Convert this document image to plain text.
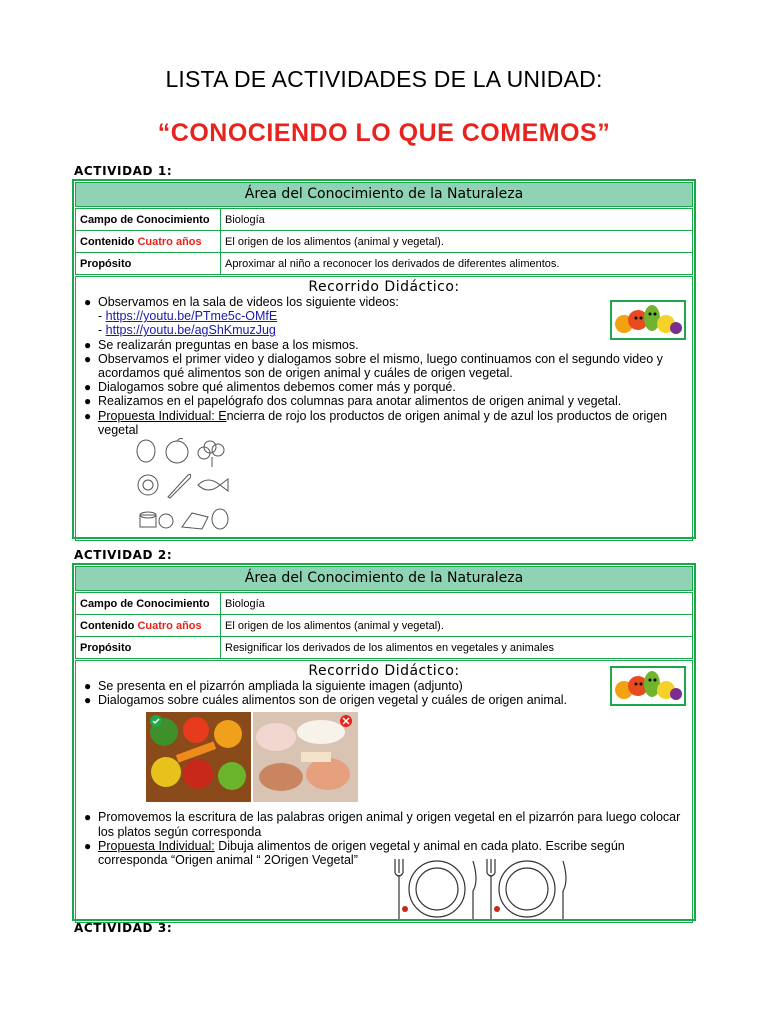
LISTA DE ACTIVIDADES DE LA UNIDAD:
“CONOCIENDO LO QUE COMEMOS”
ACTIVIDAD 1:
Área del Conocimiento de la Naturaleza
Campo de Conocimiento	Biología
Contenido Cuatro años	El origen de los alimentos (animal y vegetal).
Propósito	Aproximar al niño a reconocer los derivados de diferentes alimentos.
Recorrido Didáctico:
● Observamos en la sala de videos los siguiente videos:
- https://youtu.be/PTme5c-OMfE
- https://youtu.be/agShKmuzJug
● Se realizarán preguntas en base a los mismos.
● Observamos el primer video y dialogamos sobre el mismo, luego continuamos con el segundo video y acordamos qué alimentos son de origen animal y cuáles de origen vegetal.
● Dialogamos sobre qué alimentos debemos comer más y porqué.
● Realizamos en el papelógrafo dos columnas para anotar alimentos de origen animal y vegetal.
● Propuesta Individual: Encierra de rojo los productos de origen animal y de azul los productos de origen vegetal
ACTIVIDAD 2:
Área del Conocimiento de la Naturaleza
Campo de Conocimiento	Biología
Contenido Cuatro años	El origen de los alimentos (animal y vegetal).
Propósito	Resignificar los derivados de los alimentos en vegetales y animales
Recorrido Didáctico:
● Se presenta en el pizarrón ampliada la siguiente imagen (adjunto)
● Dialogamos sobre cuáles alimentos son de origen vegetal y cuáles de origen animal.
● Promovemos la escritura de las palabras origen animal y origen vegetal en el pizarrón para luego colocar los platos según corresponda
● Propuesta Individual: Dibuja alimentos de origen vegetal y animal en cada plato. Escribe según corresponda “Origen animal “ 2Origen Vegetal”
ACTIVIDAD 3:
